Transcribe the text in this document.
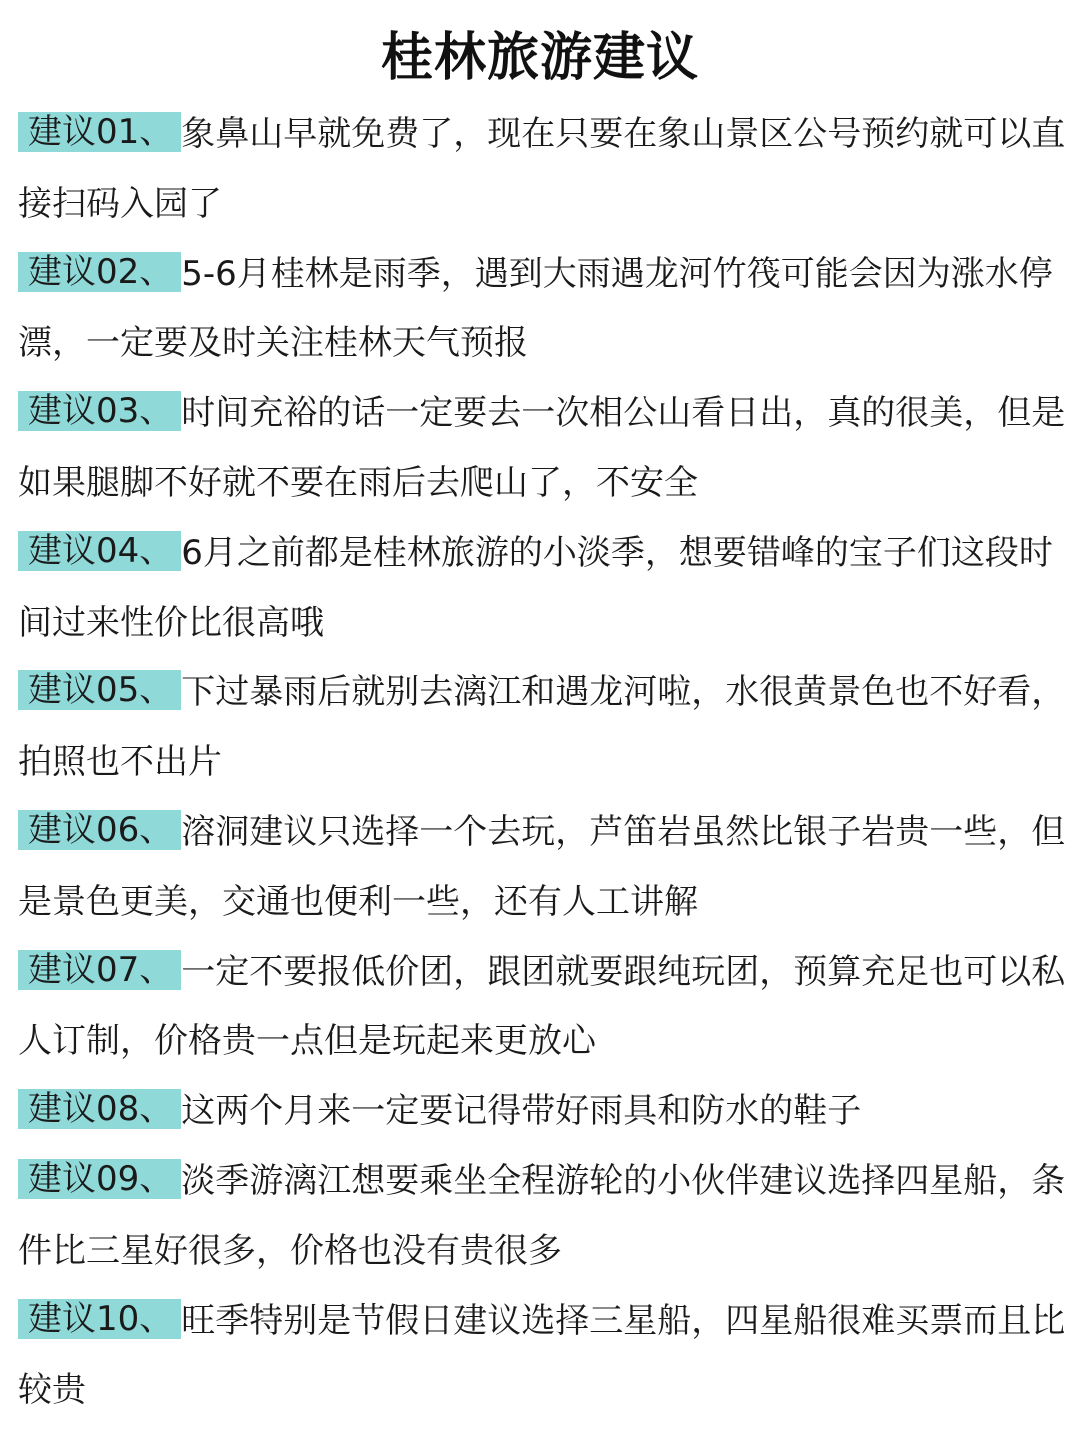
桂林旅游建议

建议01、 象鼻山早就免费了，现在只要在象山景区公号预约就可以直接扫码入园了

建议02、 5-6月桂林是雨季，遇到大雨遇龙河竹筏可能会因为涨水停漂，一定要及时关注桂林天气预报

建议03、 时间充裕的话一定要去一次相公山看日出，真的很美，但是如果腿脚不好就不要在雨后去爬山了，不安全

建议04、 6月之前都是桂林旅游的小淡季，想要错峰的宝子们这段时间过来性价比很高哦

建议05、 下过暴雨后就别去漓江和遇龙河啦，水很黄景色也不好看，拍照也不出片

建议06、 溶洞建议只选择一个去玩，芦笛岩虽然比银子岩贵一些，但是景色更美，交通也便利一些，还有人工讲解

建议07、 一定不要报低价团，跟团就要跟纯玩团，预算充足也可以私人订制，价格贵一点但是玩起来更放心

建议08、 这两个月来一定要记得带好雨具和防水的鞋子

建议09、 淡季游漓江想要乘坐全程游轮的小伙伴建议选择四星船，条件比三星好很多，价格也没有贵很多

建议10、 旺季特别是节假日建议选择三星船，四星船很难买票而且比较贵
